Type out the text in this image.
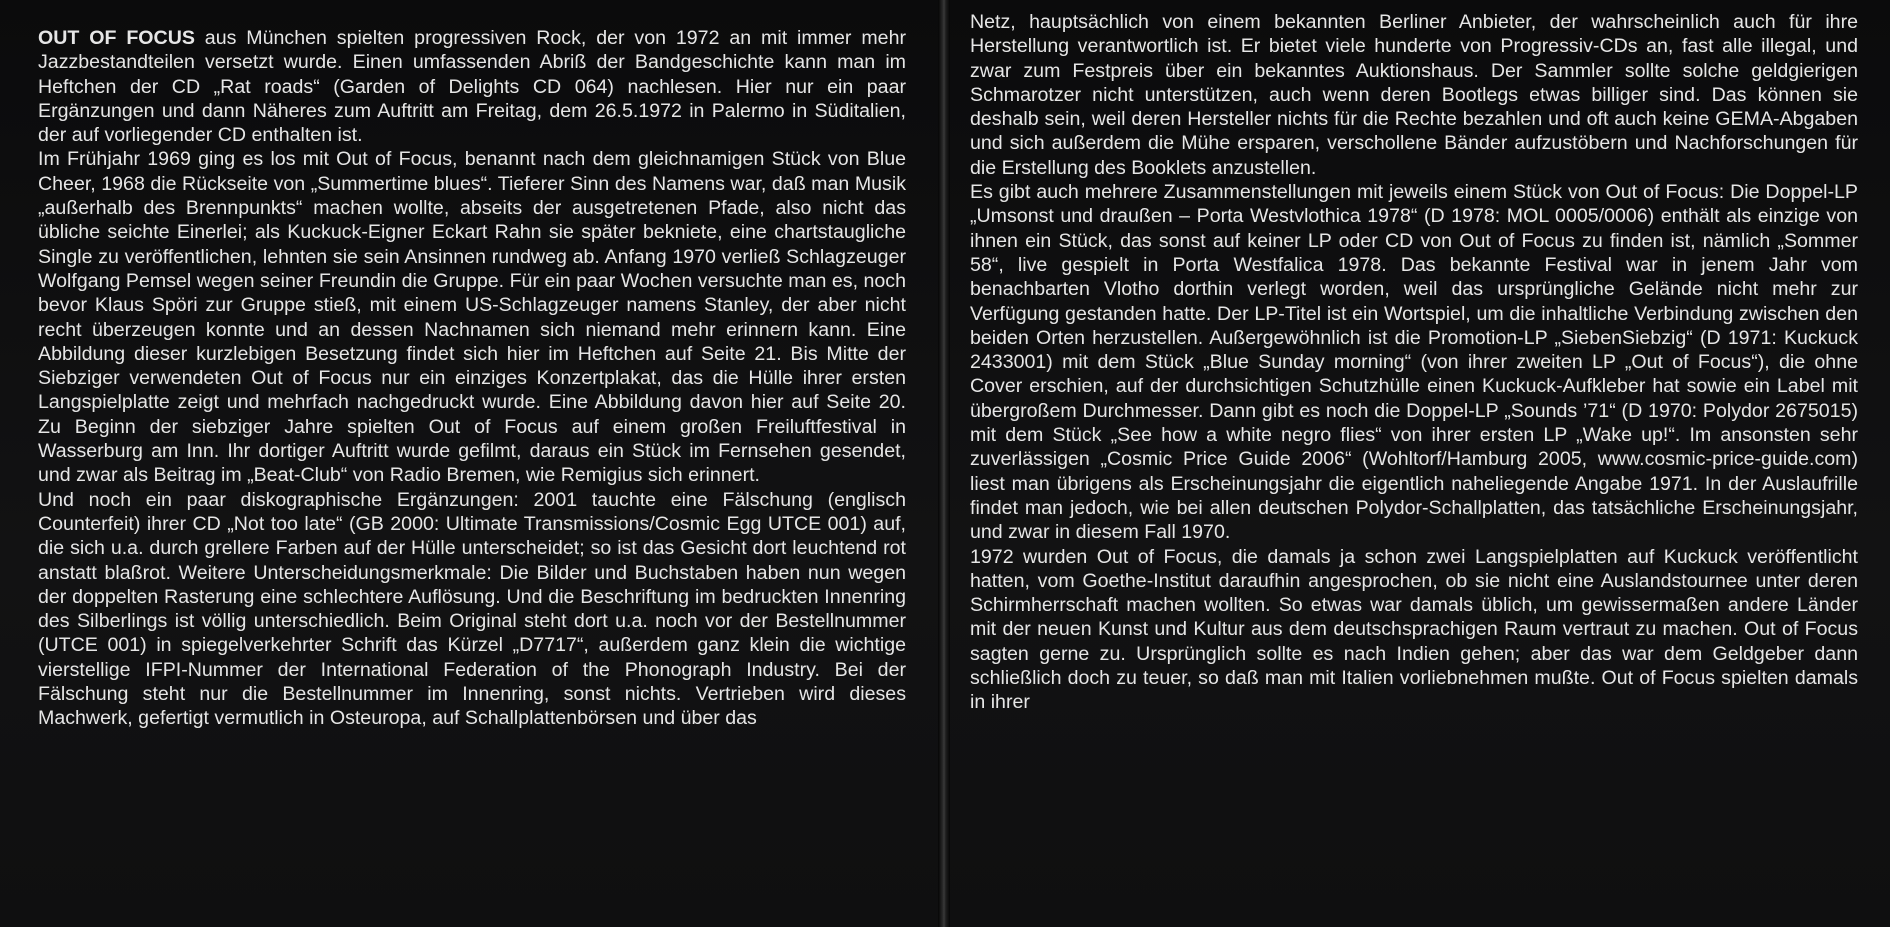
OUT OF FOCUS aus München spielten progressiven Rock, der von 1972 an mit immer mehr Jazzbestandteilen versetzt wurde. Einen umfassenden Abriß der Bandgeschichte kann man im Heftchen der CD „Rat roads“ (Garden of Delights CD 064) nachlesen. Hier nur ein paar Ergänzungen und dann Näheres zum Auftritt am Freitag, dem 26.5.1972 in Palermo in Süditalien, der auf vorliegender CD enthalten ist.

Im Frühjahr 1969 ging es los mit Out of Focus, benannt nach dem gleichnamigen Stück von Blue Cheer, 1968 die Rückseite von „Summertime blues“. Tieferer Sinn des Namens war, daß man Musik „außerhalb des Brennpunkts“ machen wollte, abseits der ausgetretenen Pfade, also nicht das übliche seichte Einerlei; als Kuckuck-Eigner Eckart Rahn sie später bekniete, eine chartstaugliche Single zu veröffentlichen, lehnten sie sein Ansinnen rundweg ab. Anfang 1970 verließ Schlagzeuger Wolfgang Pemsel wegen seiner Freundin die Gruppe. Für ein paar Wochen versuchte man es, noch bevor Klaus Spöri zur Gruppe stieß, mit einem US-Schlagzeuger namens Stanley, der aber nicht recht überzeugen konnte und an dessen Nachnamen sich niemand mehr erinnern kann. Eine Abbildung dieser kurzlebigen Besetzung findet sich hier im Heftchen auf Seite 21. Bis Mitte der Siebziger verwendeten Out of Focus nur ein einziges Konzertplakat, das die Hülle ihrer ersten Langspielplatte zeigt und mehrfach nachgedruckt wurde. Eine Abbildung davon hier auf Seite 20. Zu Beginn der siebziger Jahre spielten Out of Focus auf einem großen Freiluftfestival in Wasserburg am Inn. Ihr dortiger Auftritt wurde gefilmt, daraus ein Stück im Fernsehen gesendet, und zwar als Beitrag im „Beat-Club“ von Radio Bremen, wie Remigius sich erinnert.

Und noch ein paar diskographische Ergänzungen: 2001 tauchte eine Fälschung (englisch Counterfeit) ihrer CD „Not too late“ (GB 2000: Ultimate Transmissions/Cosmic Egg UTCE 001) auf, die sich u.a. durch grellere Farben auf der Hülle unterscheidet; so ist das Gesicht dort leuchtend rot anstatt blaßrot. Weitere Unterscheidungsmerkmale: Die Bilder und Buchstaben haben nun wegen der doppelten Rasterung eine schlechtere Auflösung. Und die Beschriftung im bedruckten Innenring des Silberlings ist völlig unterschiedlich. Beim Original steht dort u.a. noch vor der Bestellnummer (UTCE 001) in spiegelverkehrter Schrift das Kürzel „D7717“, außerdem ganz klein die wichtige vierstellige IFPI-Nummer der International Federation of the Phonograph Industry. Bei der Fälschung steht nur die Bestellnummer im Innenring, sonst nichts. Vertrieben wird dieses Machwerk, gefertigt vermutlich in Osteuropa, auf Schallplattenbörsen und über das

Netz, hauptsächlich von einem bekannten Berliner Anbieter, der wahrscheinlich auch für ihre Herstellung verantwortlich ist. Er bietet viele hunderte von Progressiv-CDs an, fast alle illegal, und zwar zum Festpreis über ein bekanntes Auktionshaus. Der Sammler sollte solche geldgierigen Schmarotzer nicht unterstützen, auch wenn deren Bootlegs etwas billiger sind. Das können sie deshalb sein, weil deren Hersteller nichts für die Rechte bezahlen und oft auch keine GEMA-Abgaben und sich außerdem die Mühe ersparen, verschollene Bänder aufzustöbern und Nachforschungen für die Erstellung des Booklets anzustellen.

Es gibt auch mehrere Zusammenstellungen mit jeweils einem Stück von Out of Focus: Die Doppel-LP „Umsonst und draußen – Porta Westvlothica 1978“ (D 1978: MOL 0005/0006) enthält als einzige von ihnen ein Stück, das sonst auf keiner LP oder CD von Out of Focus zu finden ist, nämlich „Sommer 58“, live gespielt in Porta Westfalica 1978. Das bekannte Festival war in jenem Jahr vom benachbarten Vlotho dorthin verlegt worden, weil das ursprüngliche Gelände nicht mehr zur Verfügung gestanden hatte. Der LP-Titel ist ein Wortspiel, um die inhaltliche Verbindung zwischen den beiden Orten herzustellen. Außergewöhnlich ist die Promotion-LP „SiebenSiebzig“ (D 1971: Kuckuck 2433001) mit dem Stück „Blue Sunday morning“ (von ihrer zweiten LP „Out of Focus“), die ohne Cover erschien, auf der durchsichtigen Schutzhülle einen Kuckuck-Aufkleber hat sowie ein Label mit übergroßem Durchmesser. Dann gibt es noch die Doppel-LP „Sounds ’71“ (D 1970: Polydor 2675015) mit dem Stück „See how a white negro flies“ von ihrer ersten LP „Wake up!“. Im ansonsten sehr zuverlässigen „Cosmic Price Guide 2006“ (Wohltorf/Hamburg 2005, www.cosmic-price-guide.com) liest man übrigens als Erscheinungsjahr die eigentlich naheliegende Angabe 1971. In der Auslaufrille findet man jedoch, wie bei allen deutschen Polydor-Schallplatten, das tatsächliche Erscheinungsjahr, und zwar in diesem Fall 1970.

1972 wurden Out of Focus, die damals ja schon zwei Langspielplatten auf Kuckuck veröffentlicht hatten, vom Goethe-Institut daraufhin angesprochen, ob sie nicht eine Auslandstournee unter deren Schirmherrschaft machen wollten. So etwas war damals üblich, um gewissermaßen andere Länder mit der neuen Kunst und Kultur aus dem deutschsprachigen Raum vertraut zu machen. Out of Focus sagten gerne zu. Ursprünglich sollte es nach Indien gehen; aber das war dem Geldgeber dann schließlich doch zu teuer, so daß man mit Italien vorliebnehmen mußte. Out of Focus spielten damals in ihrer
